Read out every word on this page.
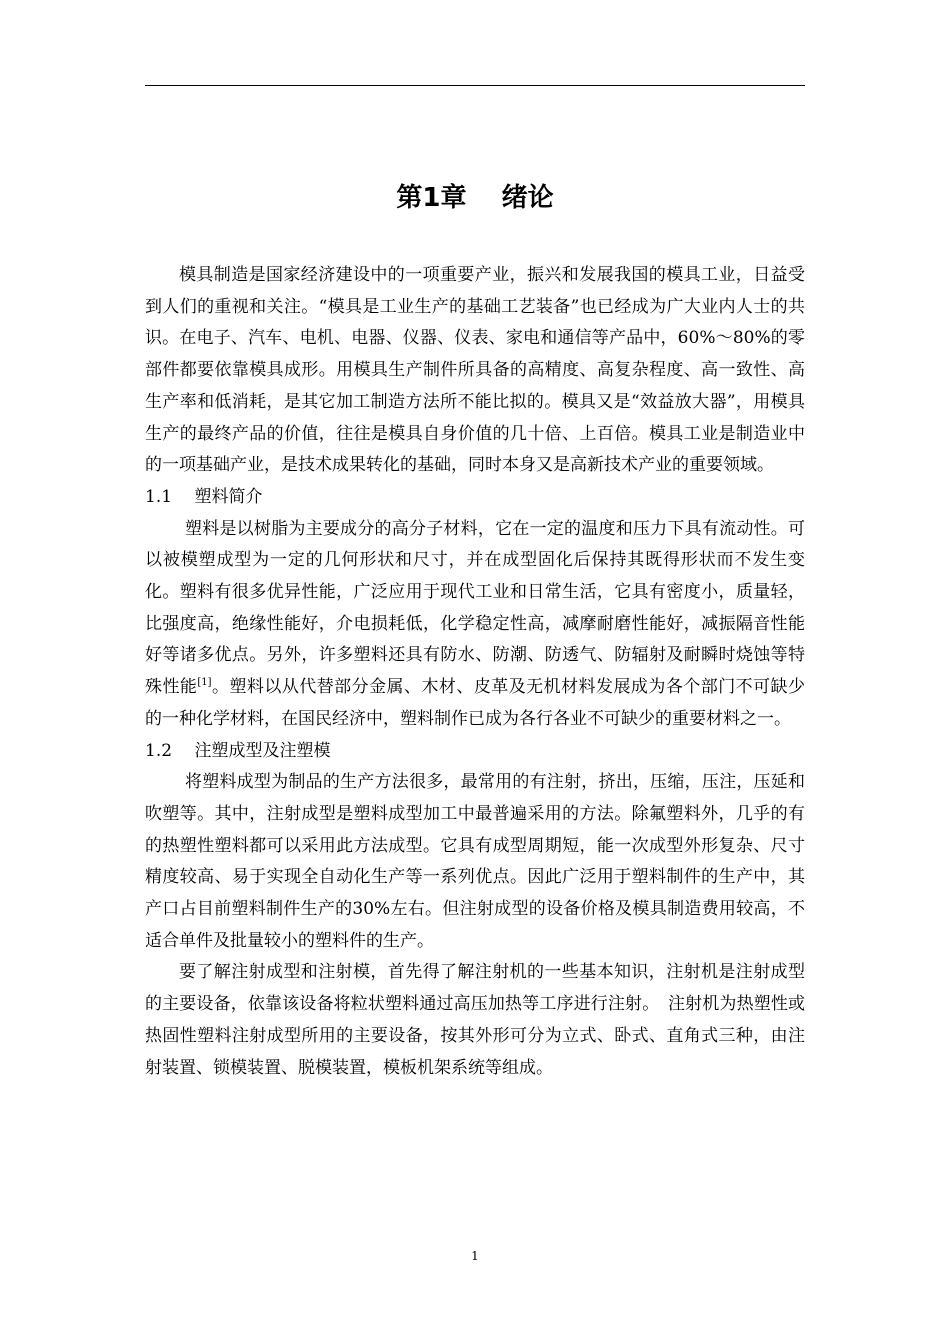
第1章　 绪论

模具制造是国家经济建设中的一项重要产业，振兴和发展我国的模具工业，日益受到人们的重视和关注。“模具是工业生产的基础工艺装备”也已经成为广大业内人士的共识。在电子、汽车、电机、电器、仪器、仪表、家电和通信等产品中，60%～80%的零部件都要依靠模具成形。用模具生产制件所具备的高精度、高复杂程度、高一致性、高生产率和低消耗，是其它加工制造方法所不能比拟的。模具又是“效益放大器”，用模具生产的最终产品的价值，往往是模具自身价值的几十倍、上百倍。模具工业是制造业中的一项基础产业，是技术成果转化的基础，同时本身又是高新技术产业的重要领域。

1.1　 塑料简介

塑料是以树脂为主要成分的高分子材料，它在一定的温度和压力下具有流动性。可以被模塑成型为一定的几何形状和尺寸，并在成型固化后保持其既得形状而不发生变化。塑料有很多优异性能，广泛应用于现代工业和日常生活，它具有密度小，质量轻，比强度高，绝缘性能好，介电损耗低，化学稳定性高，减摩耐磨性能好，减振隔音性能好等诸多优点。另外，许多塑料还具有防水、防潮、防透气、防辐射及耐瞬时烧蚀等特殊性能[1]。塑料以从代替部分金属、木材、皮革及无机材料发展成为各个部门不可缺少的一种化学材料，在国民经济中，塑料制作已成为各行各业不可缺少的重要材料之一。

1.2　 注塑成型及注塑模

将塑料成型为制品的生产方法很多，最常用的有注射，挤出，压缩，压注，压延和吹塑等。其中，注射成型是塑料成型加工中最普遍采用的方法。除氟塑料外，几乎的有的热塑性塑料都可以采用此方法成型。它具有成型周期短，能一次成型外形复杂、尺寸精度较高、易于实现全自动化生产等一系列优点。因此广泛用于塑料制件的生产中，其产口占目前塑料制件生产的30%左右。但注射成型的设备价格及模具制造费用较高，不适合单件及批量较小的塑料件的生产。

要了解注射成型和注射模，首先得了解注射机的一些基本知识，注射机是注射成型的主要设备，依靠该设备将粒状塑料通过高压加热等工序进行注射。　注射机为热塑性或热固性塑料注射成型所用的主要设备，按其外形可分为立式、卧式、直角式三种，由注射装置、锁模装置、脱模装置，模板机架系统等组成。

1
